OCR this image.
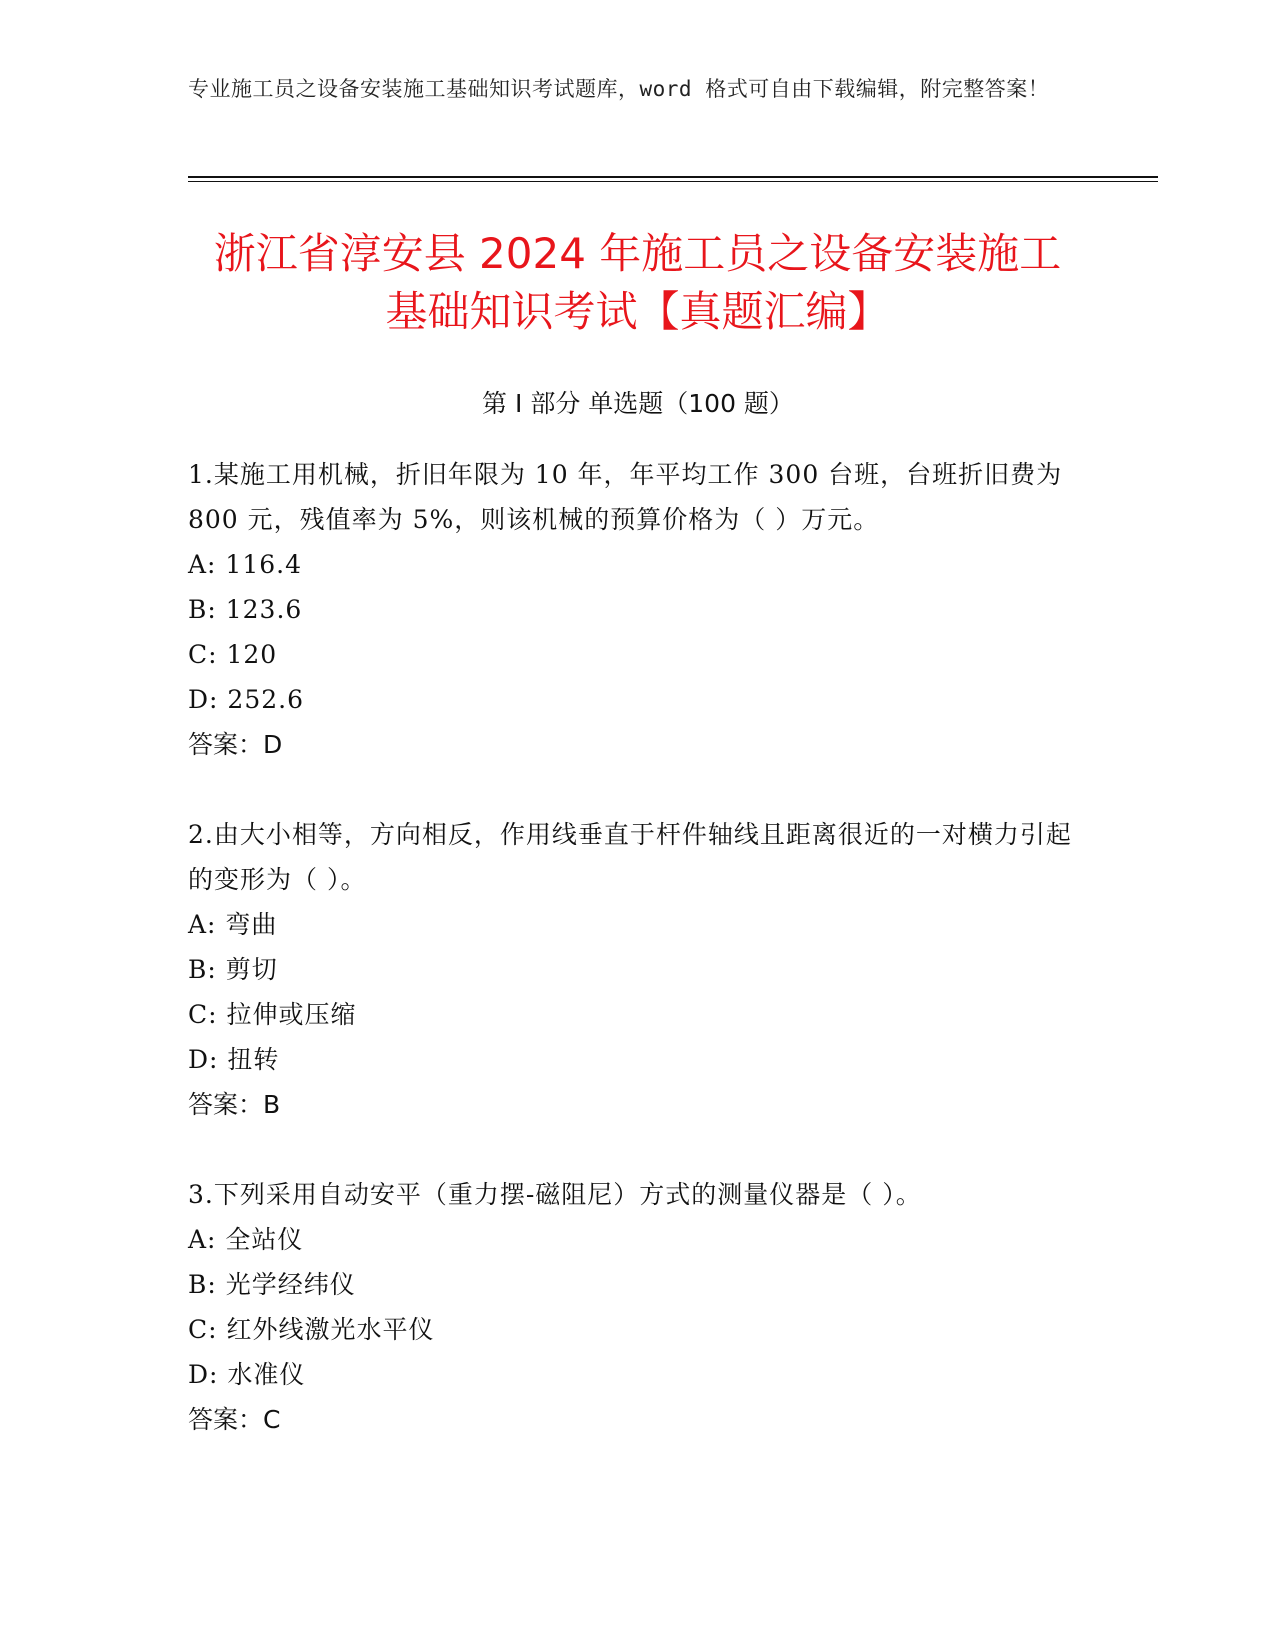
专业施工员之设备安装施工基础知识考试题库，word 格式可自由下载编辑，附完整答案！
浙江省淳安县 2024 年施工员之设备安装施工
基础知识考试【真题汇编】
第 I 部分 单选题（100 题）
1.某施工用机械，折旧年限为 10 年，年平均工作 300 台班，台班折旧费为 800 元，残值率为 5%，则该机械的预算价格为（ ）万元。
A: 116.4
B: 123.6
C: 120
D: 252.6
答案：D
2.由大小相等，方向相反，作用线垂直于杆件轴线且距离很近的一对横力引起的变形为（ ）。
A: 弯曲
B: 剪切
C: 拉伸或压缩
D: 扭转
答案：B
3.下列采用自动安平（重力摆-磁阻尼）方式的测量仪器是（ ）。
A: 全站仪
B: 光学经纬仪
C: 红外线激光水平仪
D: 水准仪
答案：C
